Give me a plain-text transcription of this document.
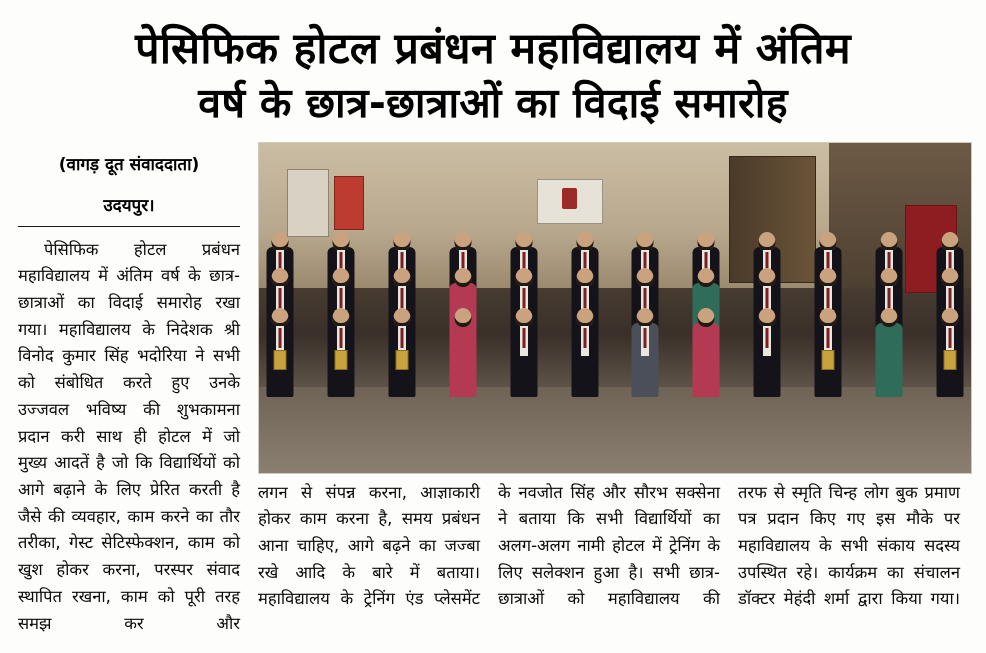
पेसिफिक होटल प्रबंधन महाविद्यालय में अंतिम
वर्ष के छात्र-छात्राओं का विदाई समारोह
(वागड़ दूत संवाददाता)
उदयपुर।
पेसिफिक होटल प्रबंधन महाविद्यालय में अंतिम वर्ष के छात्र-छात्राओं का विदाई समारोह रखा गया। महाविद्यालय के निदेशक श्री विनोद कुमार सिंह भदोरिया ने सभी को संबोधित करते हुए उनके उज्जवल भविष्य की शुभकामना प्रदान करी साथ ही होटल में जो मुख्य आदतें है जो कि विद्यार्थियों को आगे बढ़ाने के लिए प्रेरित करती है जैसे की व्यवहार, काम करने का तौर तरीका, गेस्ट सेटिस्फेक्शन, काम को खुश होकर करना, परस्पर संवाद स्थापित रखना, काम को पूरी तरह समझ कर और
लगन से संपन्न करना, आज्ञाकारी होकर काम करना है, समय प्रबंधन आना चाहिए, आगे बढ़ने का जज्बा रखे आदि के बारे में बताया। महाविद्यालय के ट्रेनिंग एंड प्लेसमेंट
के नवजोत सिंह और सौरभ सक्सेना ने बताया कि सभी विद्यार्थियों का अलग-अलग नामी होटल में ट्रेनिंग के लिए सलेक्शन हुआ है। सभी छात्र-छात्राओं को महाविद्यालय की
तरफ से स्मृति चिन्ह लोग बुक प्रमाण पत्र प्रदान किए गए इस मौके पर महाविद्यालय के सभी संकाय सदस्य उपस्थित रहे। कार्यक्रम का संचालन डॉक्टर मेहंदी शर्मा द्वारा किया गया।
